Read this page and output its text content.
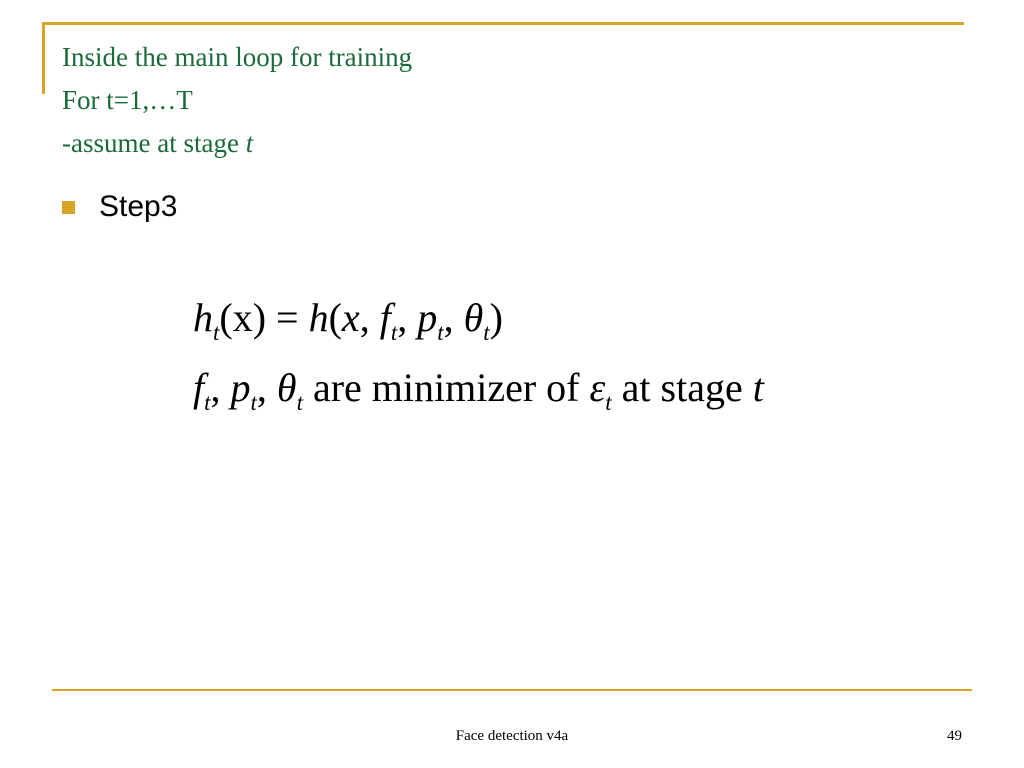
Inside the main loop for training
For t=1,…T
-assume at stage t
Step3
$h_t(x) = h(x$, $f_t$, $p_t$, $\theta_t$)
$f_t$, $p_t$, $\theta_t$ are minimizer of $\varepsilon_t$ at stage t
Face detection v4a	49
